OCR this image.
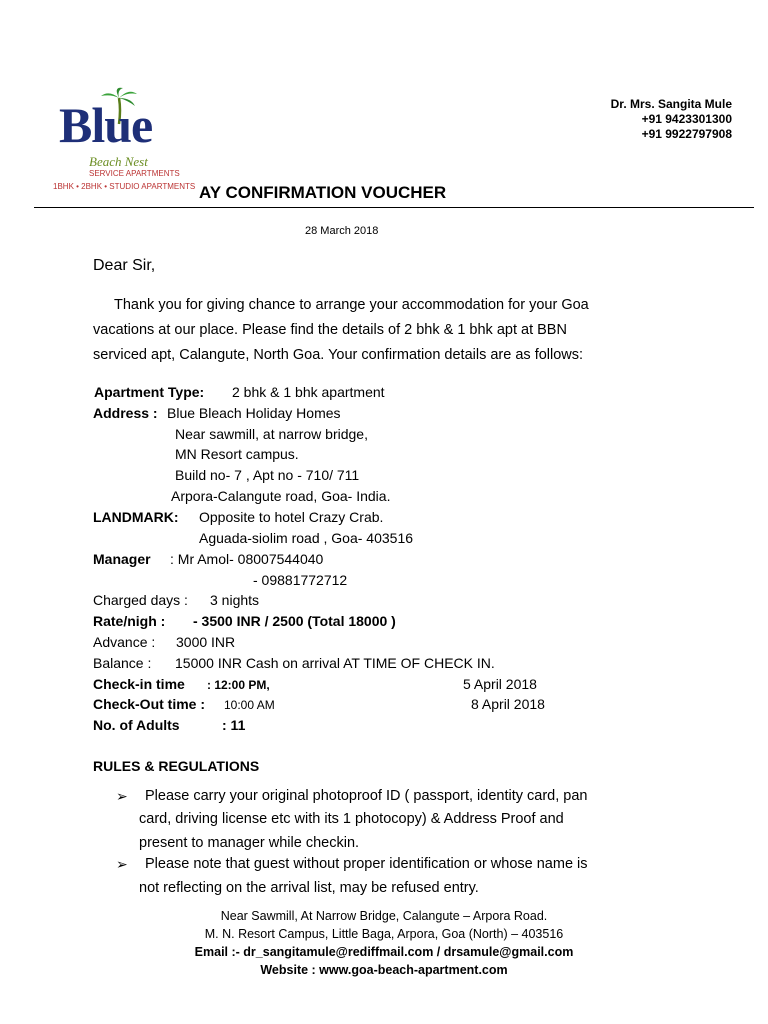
Blue
Beach Nest
SERVICE APARTMENTS
1BHK • 2BHK • STUDIO APARTMENTS
Dr. Mrs. Sangita Mule
+91 9423301300
+91 9922797908
AY CONFIRMATION VOUCHER
28 March 2018
Dear Sir,
Thank you for giving chance to arrange your accommodation for your Goa
vacations at our place. Please find the details of 2 bhk & 1 bhk apt at BBN
serviced apt, Calangute, North Goa. Your confirmation details are as follows:
Apartment Type: 2 bhk & 1 bhk apartment
Address : Blue Bleach Holiday Homes
Near sawmill, at narrow bridge,
MN Resort campus.
Build no- 7 , Apt no - 710/ 711
Arpora-Calangute road, Goa- India.
LANDMARK: Opposite to hotel Crazy Crab.
Aguada-siolim road , Goa- 403516
Manager : Mr Amol- 08007544040
- 09881772712
Charged days : 3 nights
Rate/nigh : - 3500 INR / 2500 (Total 18000 )
Advance : 3000 INR
Balance : 15000 INR Cash on arrival AT TIME OF CHECK IN.
Check-in time : 12:00 PM,	5 April 2018
Check-Out time : 10:00 AM	8 April 2018
No. of Adults	: 11
RULES & REGULATIONS
➢ Please carry your original photoproof ID ( passport, identity card, pan
card, driving license etc with its 1 photocopy) & Address Proof and
present to manager while checkin.
➢ Please note that guest without proper identification or whose name is
not reflecting on the arrival list, may be refused entry.
Near Sawmill, At Narrow Bridge, Calangute – Arpora Road.
M. N. Resort Campus, Little Baga, Arpora, Goa (North) – 403516
Email :- dr_sangitamule@rediffmail.com / drsamule@gmail.com
Website : www.goa-beach-apartment.com
